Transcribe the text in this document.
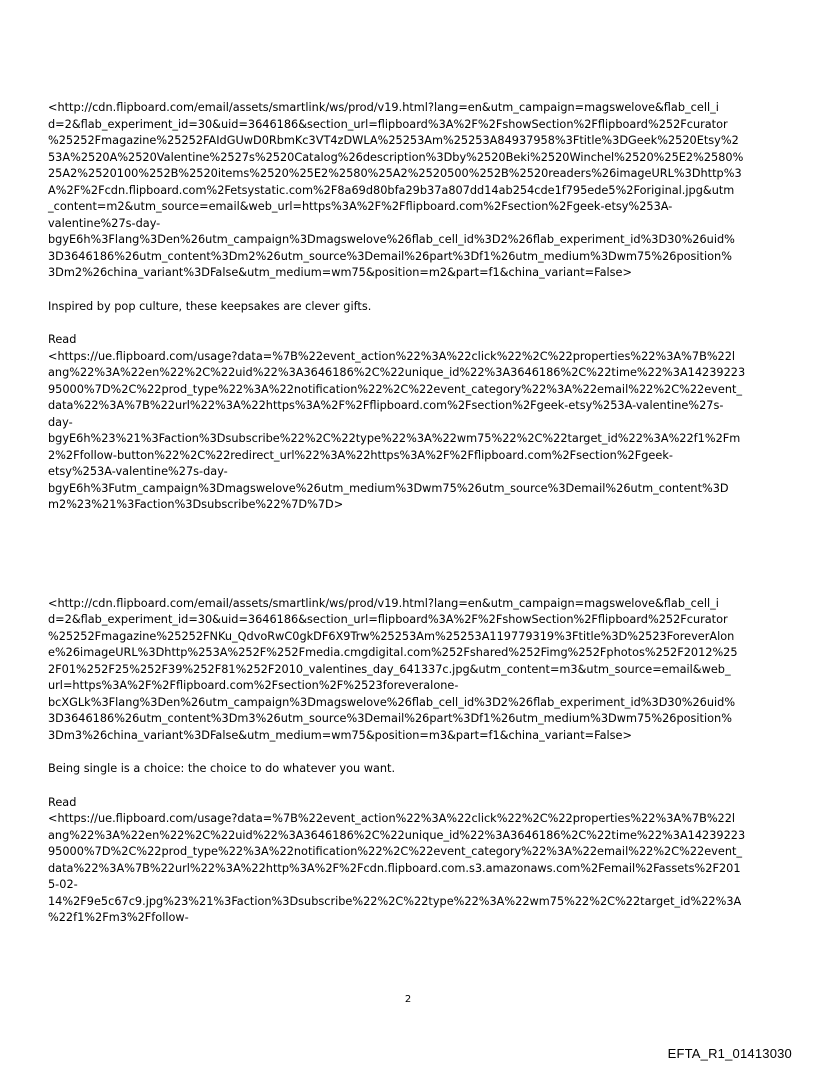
<http://cdn.flipboard.com/email/assets/smartlink/ws/prod/v19.html?lang=en&utm_campaign=magswelove&flab_cell_i
d=2&flab_experiment_id=30&uid=3646186&section_url=flipboard%3A%2F%2FshowSection%2Fflipboard%252Fcurator
%25252Fmagazine%25252FAIdGUwD0RbmKc3VT4zDWLA%25253Am%25253A84937958%3Ftitle%3DGeek%2520Etsy%2
53A%2520A%2520Valentine%2527s%2520Catalog%26description%3Dby%2520Beki%2520Winchel%2520%25E2%2580%
25A2%2520100%252B%2520items%2520%25E2%2580%25A2%2520500%252B%2520readers%26imageURL%3Dhttp%3
A%2F%2Fcdn.flipboard.com%2Fetsystatic.com%2F8a69d80bfa29b37a807dd14ab254cde1f795ede5%2Foriginal.jpg&utm
_content=m2&utm_source=email&web_url=https%3A%2F%2Fflipboard.com%2Fsection%2Fgeek-etsy%253A-
valentine%27s-day-
bgyE6h%3Flang%3Den%26utm_campaign%3Dmagswelove%26flab_cell_id%3D2%26flab_experiment_id%3D30%26uid%
3D3646186%26utm_content%3Dm2%26utm_source%3Demail%26part%3Df1%26utm_medium%3Dwm75%26position%
3Dm2%26china_variant%3DFalse&utm_medium=wm75&position=m2&part=f1&china_variant=False>

Inspired by pop culture, these keepsakes are clever gifts.

Read
<https://ue.flipboard.com/usage?data=%7B%22event_action%22%3A%22click%22%2C%22properties%22%3A%7B%22l
ang%22%3A%22en%22%2C%22uid%22%3A3646186%2C%22unique_id%22%3A3646186%2C%22time%22%3A14239223
95000%7D%2C%22prod_type%22%3A%22notification%22%2C%22event_category%22%3A%22email%22%2C%22event_
data%22%3A%7B%22url%22%3A%22https%3A%2F%2Fflipboard.com%2Fsection%2Fgeek-etsy%253A-valentine%27s-
day-
bgyE6h%23%21%3Faction%3Dsubscribe%22%2C%22type%22%3A%22wm75%22%2C%22target_id%22%3A%22f1%2Fm
2%2Ffollow-button%22%2C%22redirect_url%22%3A%22https%3A%2F%2Fflipboard.com%2Fsection%2Fgeek-
etsy%253A-valentine%27s-day-
bgyE6h%3Futm_campaign%3Dmagswelove%26utm_medium%3Dwm75%26utm_source%3Demail%26utm_content%3D
m2%23%21%3Faction%3Dsubscribe%22%7D%7D>

<http://cdn.flipboard.com/email/assets/smartlink/ws/prod/v19.html?lang=en&utm_campaign=magswelove&flab_cell_i
d=2&flab_experiment_id=30&uid=3646186&section_url=flipboard%3A%2F%2FshowSection%2Fflipboard%252Fcurator
%25252Fmagazine%25252FNKu_QdvoRwC0gkDF6X9Trw%25253Am%25253A119779319%3Ftitle%3D%2523ForeverAlon
e%26imageURL%3Dhttp%253A%252F%252Fmedia.cmgdigital.com%252Fshared%252Fimg%252Fphotos%252F2012%25
2F01%252F25%252F39%252F81%252F2010_valentines_day_641337c.jpg&utm_content=m3&utm_source=email&web_
url=https%3A%2F%2Fflipboard.com%2Fsection%2F%2523foreveralone-
bcXGLk%3Flang%3Den%26utm_campaign%3Dmagswelove%26flab_cell_id%3D2%26flab_experiment_id%3D30%26uid%
3D3646186%26utm_content%3Dm3%26utm_source%3Demail%26part%3Df1%26utm_medium%3Dwm75%26position%
3Dm3%26china_variant%3DFalse&utm_medium=wm75&position=m3&part=f1&china_variant=False>

Being single is a choice: the choice to do whatever you want.

Read
<https://ue.flipboard.com/usage?data=%7B%22event_action%22%3A%22click%22%2C%22properties%22%3A%7B%22l
ang%22%3A%22en%22%2C%22uid%22%3A3646186%2C%22unique_id%22%3A3646186%2C%22time%22%3A14239223
95000%7D%2C%22prod_type%22%3A%22notification%22%2C%22event_category%22%3A%22email%22%2C%22event_
data%22%3A%7B%22url%22%3A%22http%3A%2F%2Fcdn.flipboard.com.s3.amazonaws.com%2Femail%2Fassets%2F201
5-02-
14%2F9e5c67c9.jpg%23%21%3Faction%3Dsubscribe%22%2C%22type%22%3A%22wm75%22%2C%22target_id%22%3A
%22f1%2Fm3%2Ffollow-

2
EFTA_R1_01413030
